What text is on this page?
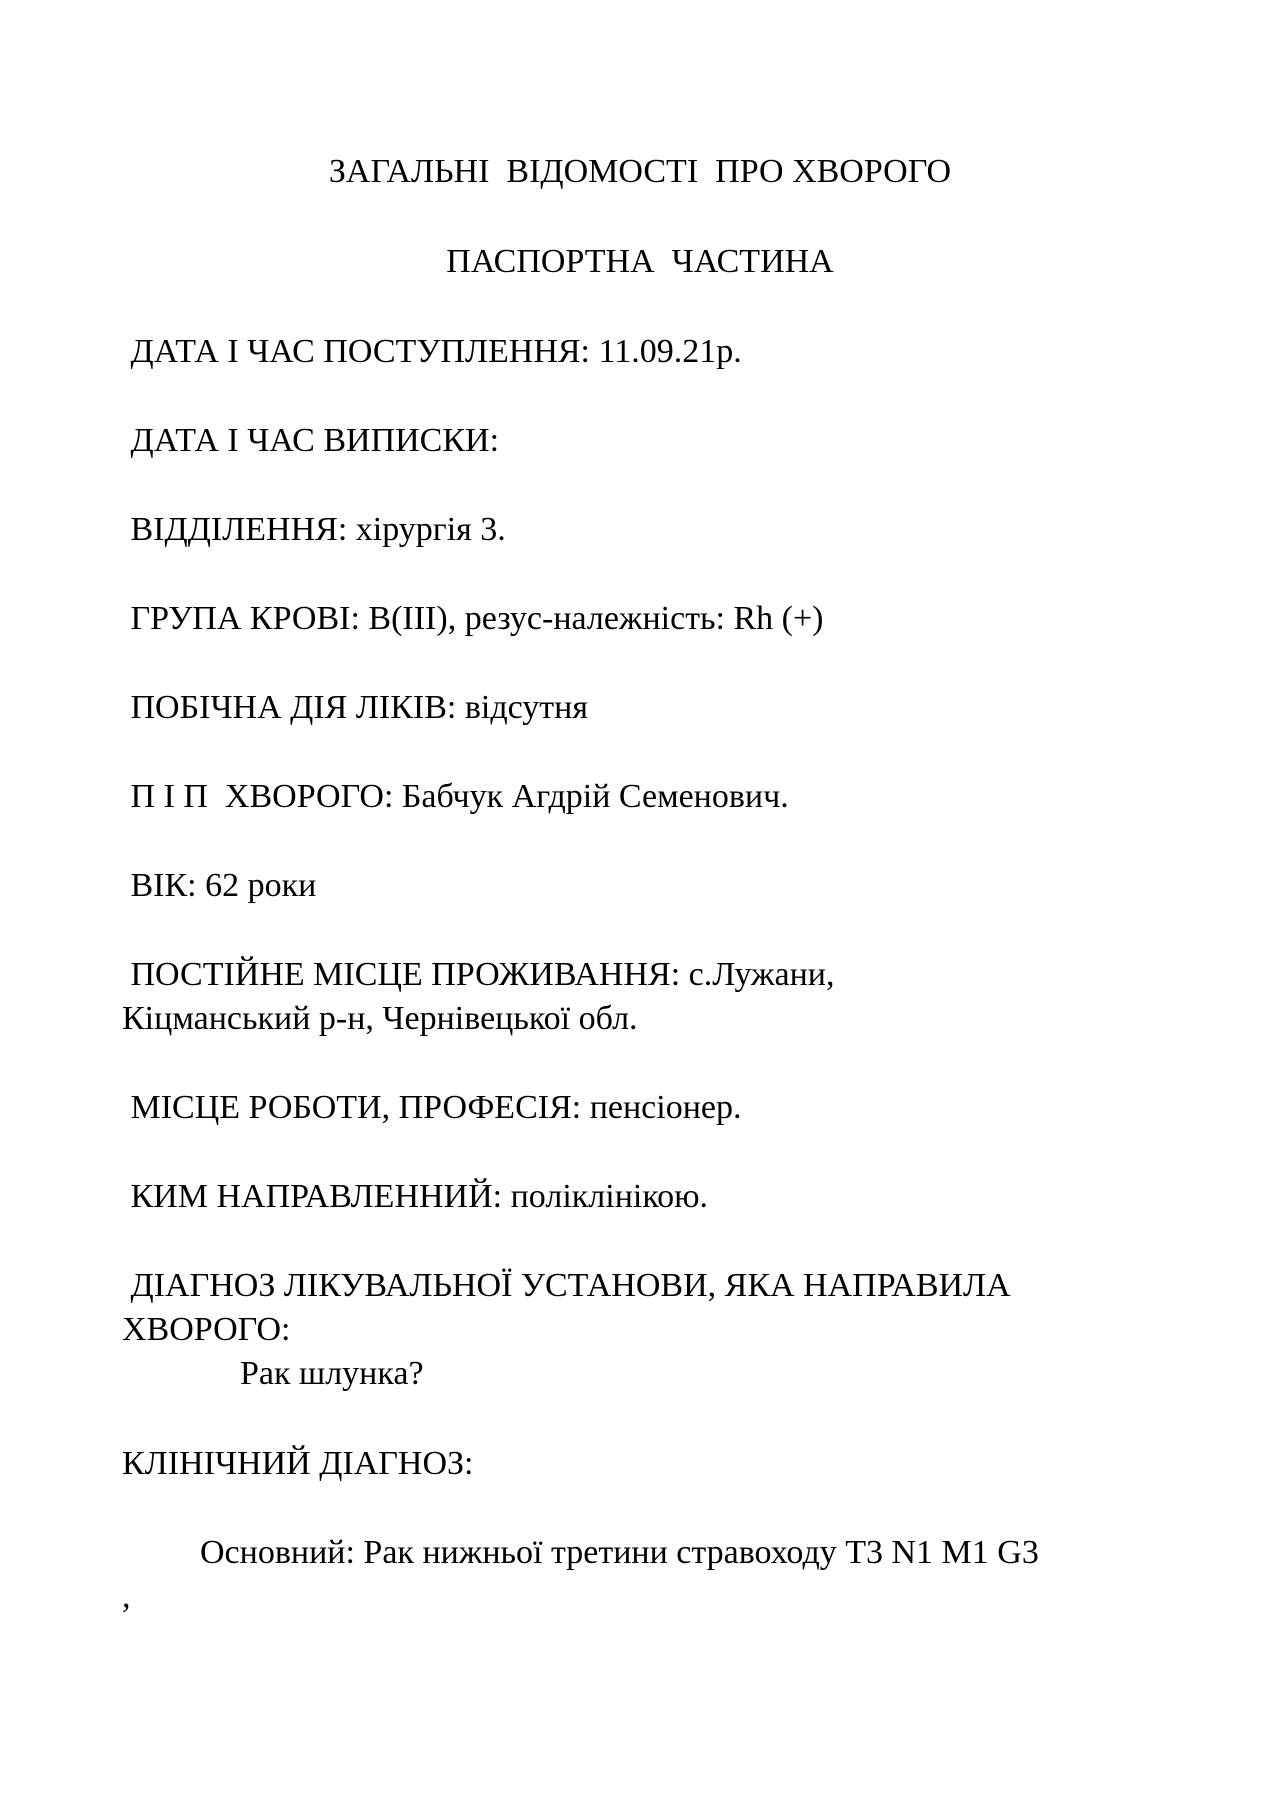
ЗАГАЛЬНІ  ВІДОМОСТІ  ПРО ХВОРОГО
ПАСПОРТНА  ЧАСТИНА
ДАТА І ЧАС ПОСТУПЛЕННЯ: 11.09.21р.
ДАТА І ЧАС ВИПИСКИ:
ВІДДІЛЕННЯ: хірургія 3.
ГРУПА КРОВІ: В(ІІІ), резус-належність: Rh (+)
ПОБІЧНА ДІЯ ЛІКІВ: відсутня
П І П  ХВОРОГО: Бабчук Агдрій Семенович.
ВІК: 62 роки
ПОСТІЙНЕ МІСЦЕ ПРОЖИВАННЯ: с.Лужани,
Кіцманський р-н, Чернівецької обл.
МІСЦЕ РОБОТИ, ПРОФЕСІЯ: пенсіонер.
КИМ НАПРАВЛЕННИЙ: поліклінікою.
ДІАГНОЗ ЛІКУВАЛЬНОЇ УСТАНОВИ, ЯКА НАПРАВИЛА
ХВОРОГО:
Рак шлунка?
КЛІНІЧНИЙ ДІАГНОЗ:
Основний: Рак нижньої третини стравоходу Т3 N1 M1 G3
,
